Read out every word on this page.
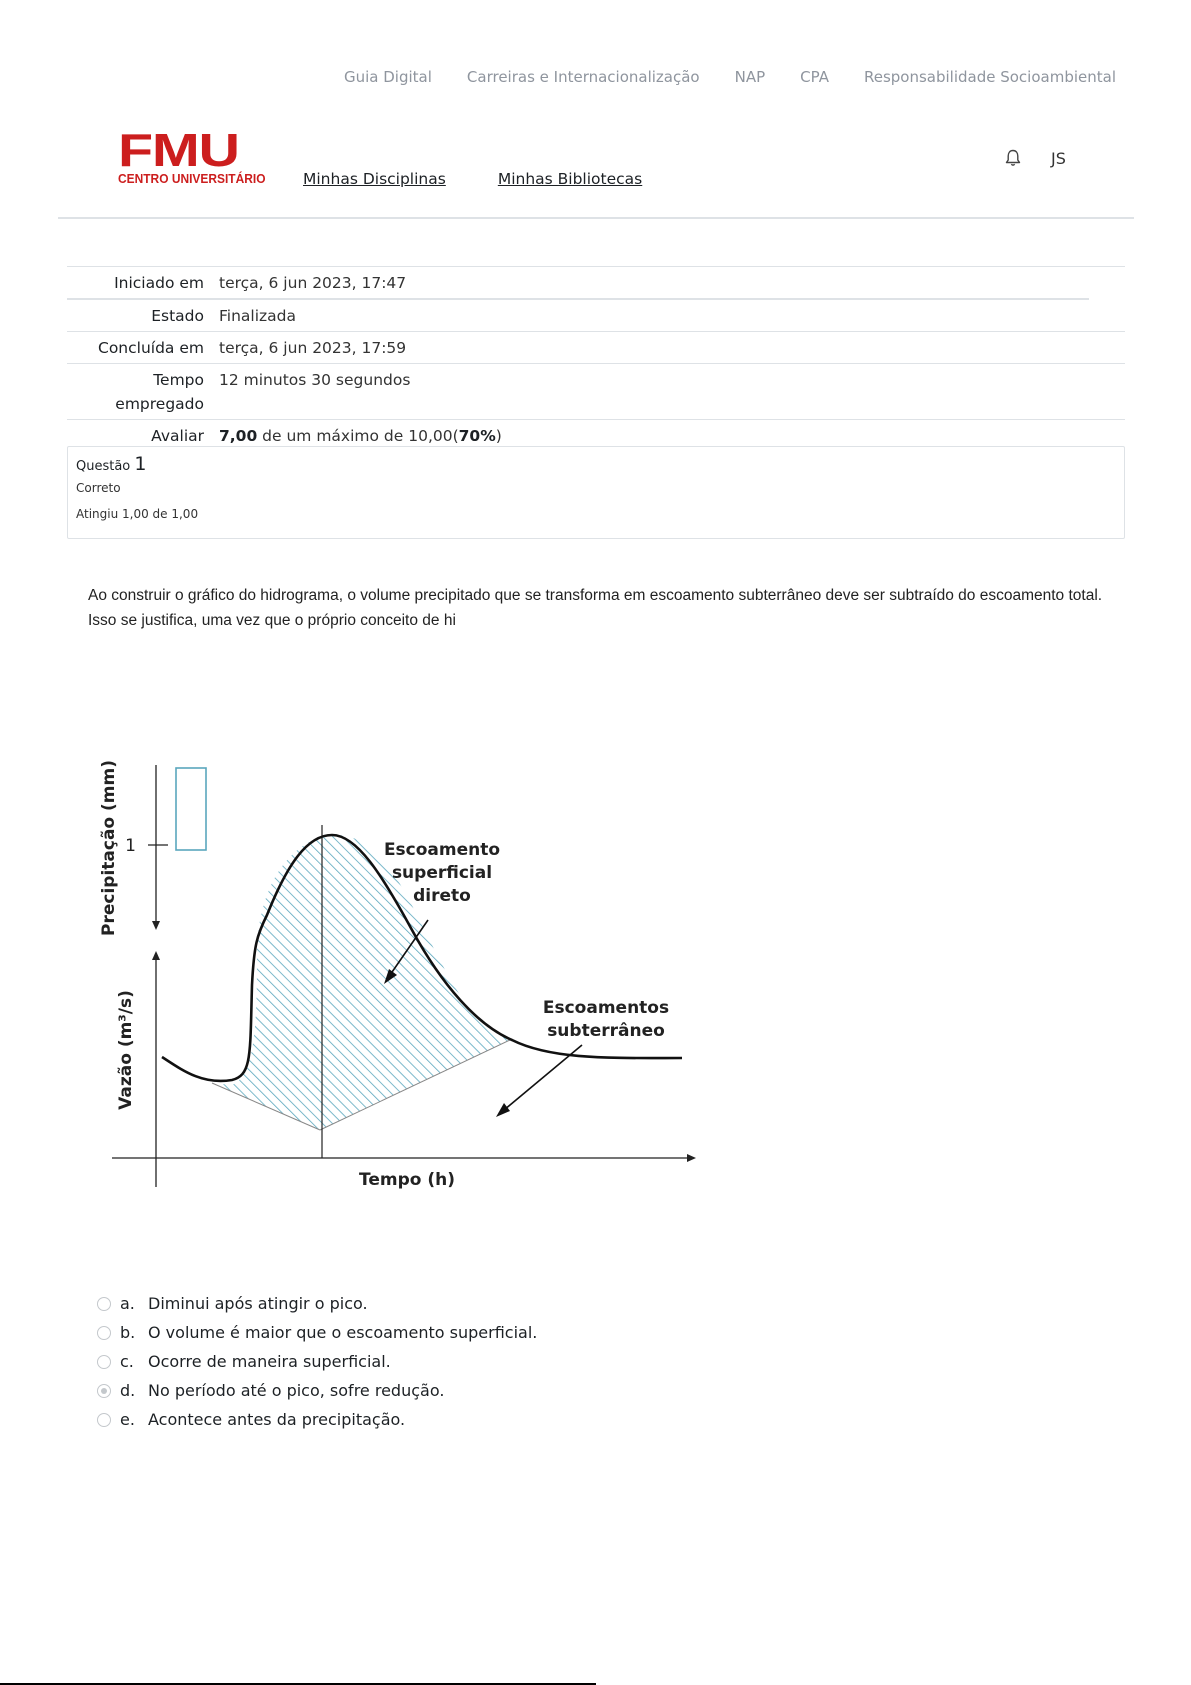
Guia Digital Carreiras e Internacionalização NAP CPA Responsabilidade Socioambiental
FMU
CENTRO UNIVERSITÁRIO Minhas Disciplinas	Minhas Bibliotecas
JS
Iniciado em terça, 6 jun 2023, 17:47
Estado Finalizada
Concluída em terça, 6 jun 2023, 17:59
Tempo
empregado
12 minutos 30 segundos
Avaliar 7,00 de um máximo de 10,00(70%)
Questão 1
Correto
Atingiu 1,00 de 1,00
Ao construir o gráfico do hidrograma, o volume precipitado que se transforma em escoamento subterrâneo deve ser subtraído do escoamento total. Isso se justifica, uma vez que o próprio conceito de hi
Precipitação (mm) 1
Vazão (m³/s)
Tempo (h)
Escoamento
superficial
direto
Escoamentos
subterrâneo
a. Diminui após atingir o pico.
b. O volume é maior que o escoamento superficial.
c. Ocorre de maneira superficial.
d. No período até o pico, sofre redução.
e. Acontece antes da precipitação.
